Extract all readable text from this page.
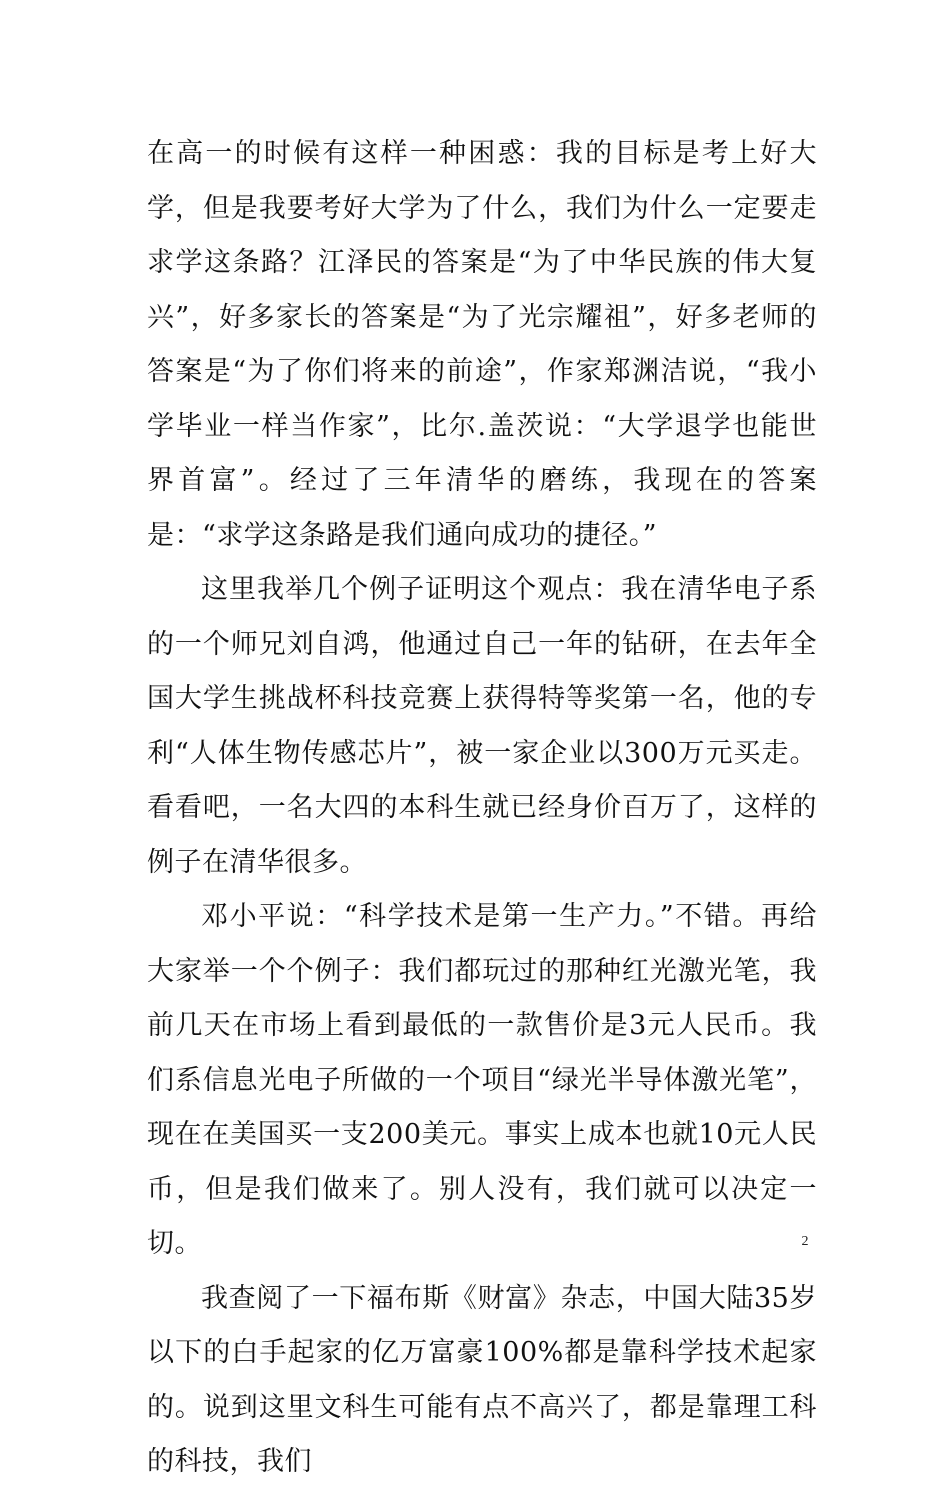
在高一的时候有这样一种困惑：我的目标是考上好大学，但是我要考好大学为了什么，我们为什么一定要走求学这条路？江泽民的答案是“为了中华民族的伟大复兴”，好多家长的答案是“为了光宗耀祖”，好多老师的答案是“为了你们将来的前途”，作家郑渊洁说，“我小学毕业一样当作家”，比尔.盖茨说：“大学退学也能世界首富”。经过了三年清华的磨练，我现在的答案是：“求学这条路是我们通向成功的捷径。”

这里我举几个例子证明这个观点：我在清华电子系的一个师兄刘自鸿，他通过自己一年的钻研，在去年全国大学生挑战杯科技竞赛上获得特等奖第一名，他的专利“人体生物传感芯片”，被一家企业以300万元买走。看看吧，一名大四的本科生就已经身价百万了，这样的例子在清华很多。

邓小平说：“科学技术是第一生产力。”不错。再给大家举一个个例子：我们都玩过的那种红光激光笔，我前几天在市场上看到最低的一款售价是3元人民币。我们系信息光电子所做的一个项目“绿光半导体激光笔”，现在在美国买一支200美元。事实上成本也就10元人民币，但是我们做来了。别人没有，我们就可以决定一切。

我查阅了一下福布斯《财富》杂志，中国大陆35岁以下的白手起家的亿万富豪100%都是靠科学技术起家的。说到这里文科生可能有点不高兴了，都是靠理工科的科技，我们

2
